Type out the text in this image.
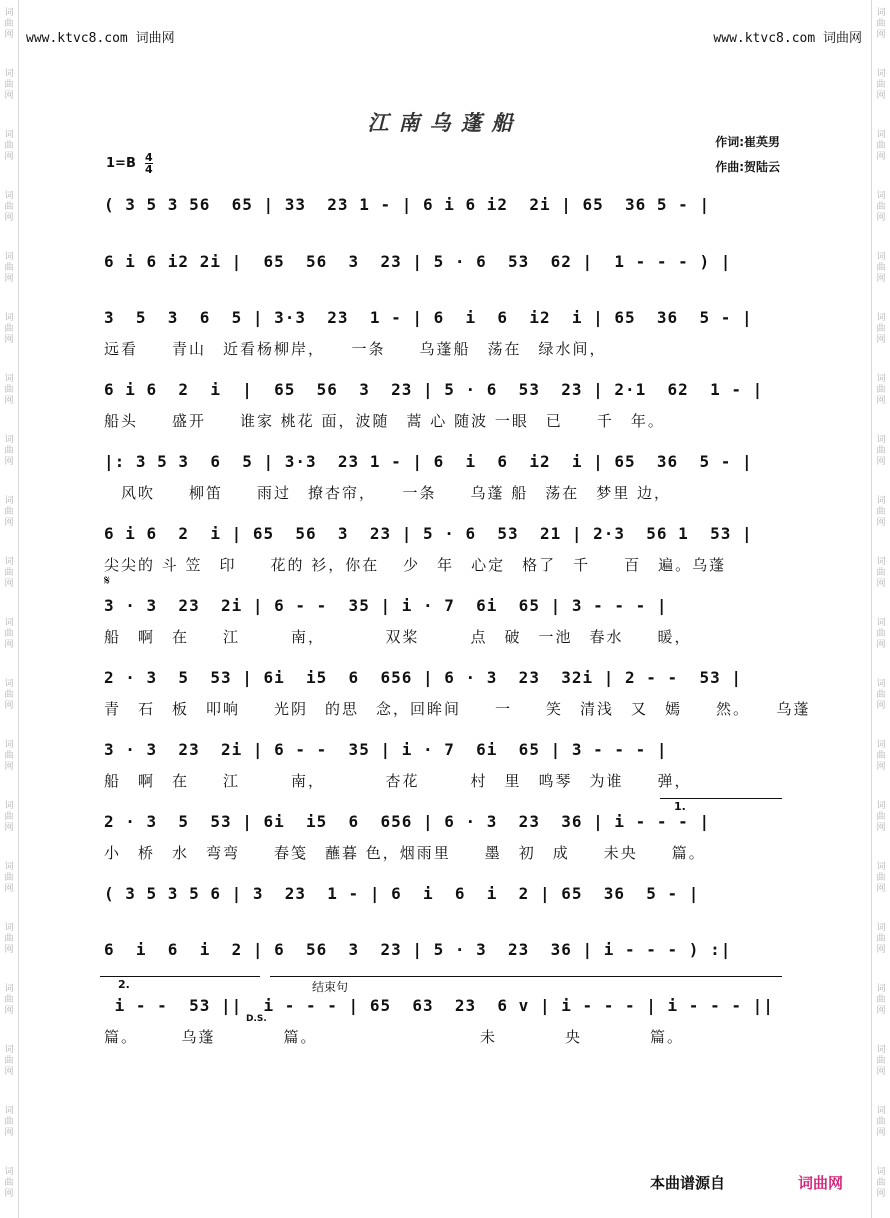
词曲网
词曲网
词曲网
词曲网
词曲网
词曲网
词曲网
词曲网
词曲网
词曲网
词曲网
词曲网
词曲网
词曲网
词曲网
词曲网
词曲网
词曲网
词曲网
词曲网
词曲网
词曲网
词曲网
词曲网
词曲网
词曲网
词曲网
词曲网
词曲网
词曲网
词曲网
词曲网
词曲网
词曲网
词曲网
词曲网
词曲网
词曲网
词曲网
词曲网
www.ktvc8.com 词曲网	www.ktvc8.com 词曲网
江南乌蓬船
作词:崔英男
作曲:贺陆云
1=B 4
4
( 3 5 3 56  65 | 33  23 1 - | 6 i 6 i2  2i | 65  36 5 - |
6 i 6 i2 2i |  65  56  3  23 | 5 · 6  53  62 |  1 - - - ) |
3  5  3  6  5 | 3·3  23  1 - | 6  i  6  i2  i | 65  36  5 - |
远看　　青山　近看杨柳岸，　　一条　　乌蓬船　荡在　绿水间，
6 i 6  2  i  |  65  56  3  23 | 5 · 6  53  23 | 2·1  62  1 - |
船头　　盛开　　谁家 桃花 面，波随　蒿 心 随波 一眼　已　　千　年。
|: 3 5 3  6  5 | 3·3  23 1 - | 6  i  6  i2  i | 65  36  5 - |
　风吹　　柳笛　　雨过　撩杏帘，　　一条　　乌蓬 船　荡在　梦里 边，
6 i 6  2  i | 65  56  3  23 | 5 · 6  53  21 | 2·3  56 1  53 |
尖尖的 斗 笠　印　　花的 衫，你在　 少　年　心定　格了　千　　百　遍。乌蓬
3 · 3  23  2i | 6 - -  35 | i · 7  6i  65 | 3 - - - |
船　啊　在　　江　　　南，　　　　双桨　　　点　破　一池　春水　　暖，
2 · 3  5  53 | 6i  i5  6  656 | 6 · 3  23  32i | 2 - -  53 |
青　石　板　叩响　　光阴　的思　念，回眸间　　一　　笑　清浅　又　嫣　　然。　　乌蓬
3 · 3  23  2i | 6 - -  35 | i · 7  6i  65 | 3 - - - |
船　啊　在　　江　　　南，　　　　杏花　　　村　里　鸣琴　为谁　　弹，
2 · 3  5  53 | 6i  i5  6  656 | 6 · 3  23  36 | i - - - |
小　桥　水　弯弯　　春笺　蘸暮 色，烟雨里　　墨　初　成　　未央　　篇。
( 3 5 3 5 6 | 3  23  1 - | 6  i  6  i  2 | 65  36  5 - |
6  i  6  i  2 | 6  56  3  23 | 5 · 3  23  36 | i - - - ) :|
i - -  53 ||  i - - - | 65  63  23  6 v | i - - - | i - - - ||
篇。　　　乌蓬　　　　篇。　　　　　　　　　　未　　　　央　　　　篇。
𝄋
D.S.
结束句
1.
2.
本曲谱源自	词曲网
